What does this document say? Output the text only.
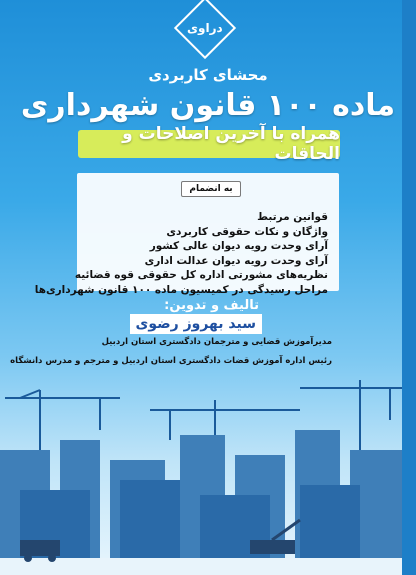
دراوی
محشای کاربردی
ماده ۱۰۰ قانون شهرداری
همراه با آخرین اصلاحات و الحاقات
به انضمام
قوانین مرتبط
واژگان و نکات حقوقی کاربردی
آرای وحدت رویه دیوان عالی کشور
آرای وحدت رویه دیوان عدالت اداری
نظریه‌های مشورتی اداره کل حقوقی قوه قضائیه
مراحل رسیدگی در کمیسیون ماده ۱۰۰ قانون شهرداری‌ها
تالیف و تدوین:
سید بهروز رضوی
مدیرآموزش قضایی و مترجمان دادگستری استان اردبیل
رئیس اداره آموزش قضات دادگستری استان اردبیل و مترجم و مدرس دانشگاه
